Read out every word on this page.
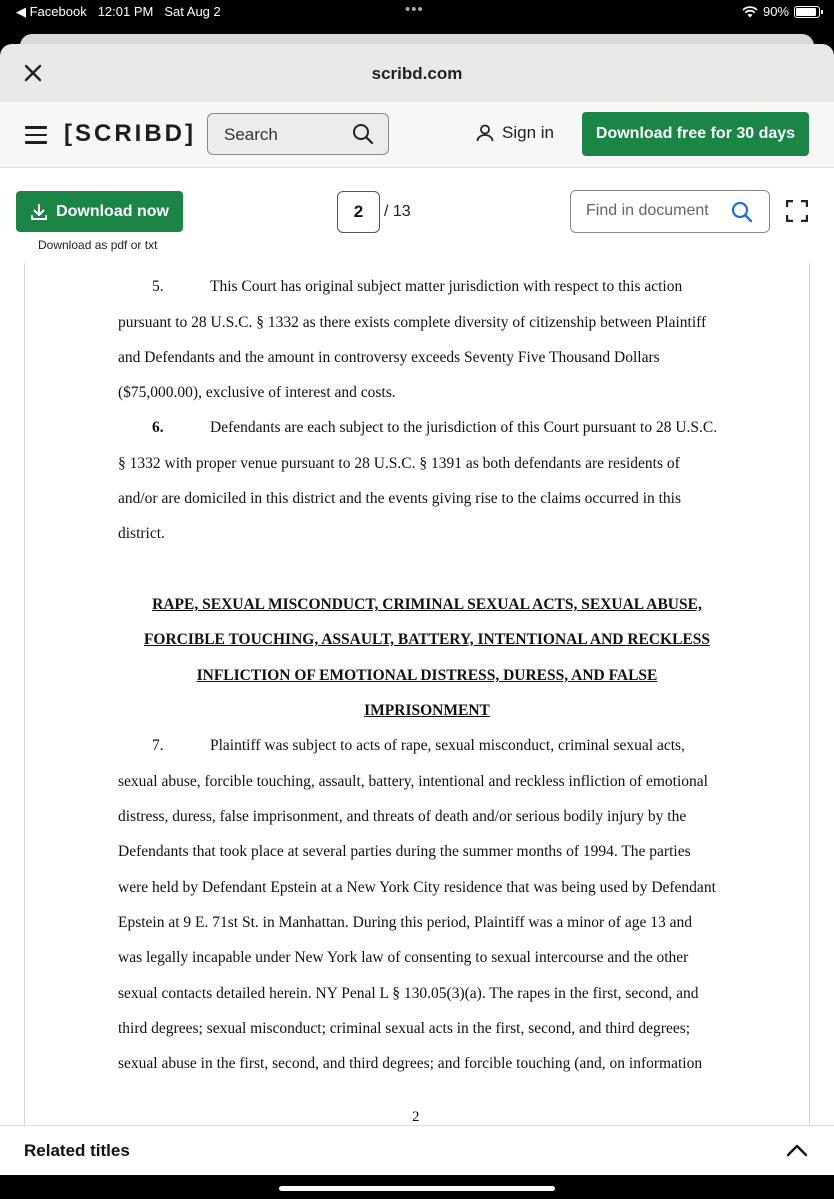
◀ Facebook 12:01 PM Sat Aug 2	•••	90%
scribd.com
[SCRIBD] Search	Sign in	Download free for 30 days
Download now
Download as pdf or txt
2	/ 13	Find in document
5.	This Court has original subject matter jurisdiction with respect to this action
pursuant to 28 U.S.C. § 1332 as there exists complete diversity of citizenship between Plaintiff
and Defendants and the amount in controversy exceeds Seventy Five Thousand Dollars
($75,000.00), exclusive of interest and costs.
6.	Defendants are each subject to the jurisdiction of this Court pursuant to 28 U.S.C.
§ 1332 with proper venue pursuant to 28 U.S.C. § 1391 as both defendants are residents of
and/or are domiciled in this district and the events giving rise to the claims occurred in this
district.
RAPE, SEXUAL MISCONDUCT, CRIMINAL SEXUAL ACTS, SEXUAL ABUSE,
FORCIBLE TOUCHING, ASSAULT, BATTERY, INTENTIONAL AND RECKLESS
INFLICTION OF EMOTIONAL DISTRESS, DURESS, AND FALSE
IMPRISONMENT
7.	Plaintiff was subject to acts of rape, sexual misconduct, criminal sexual acts,
sexual abuse, forcible touching, assault, battery, intentional and reckless infliction of emotional
distress, duress, false imprisonment, and threats of death and/or serious bodily injury by the
Defendants that took place at several parties during the summer months of 1994. The parties
were held by Defendant Epstein at a New York City residence that was being used by Defendant
Epstein at 9 E. 71st St. in Manhattan. During this period, Plaintiff was a minor of age 13 and
was legally incapable under New York law of consenting to sexual intercourse and the other
sexual contacts detailed herein. NY Penal L § 130.05(3)(a). The rapes in the first, second, and
third degrees; sexual misconduct; criminal sexual acts in the first, second, and third degrees;
sexual abuse in the first, second, and third degrees; and forcible touching (and, on information
2
Related titles
